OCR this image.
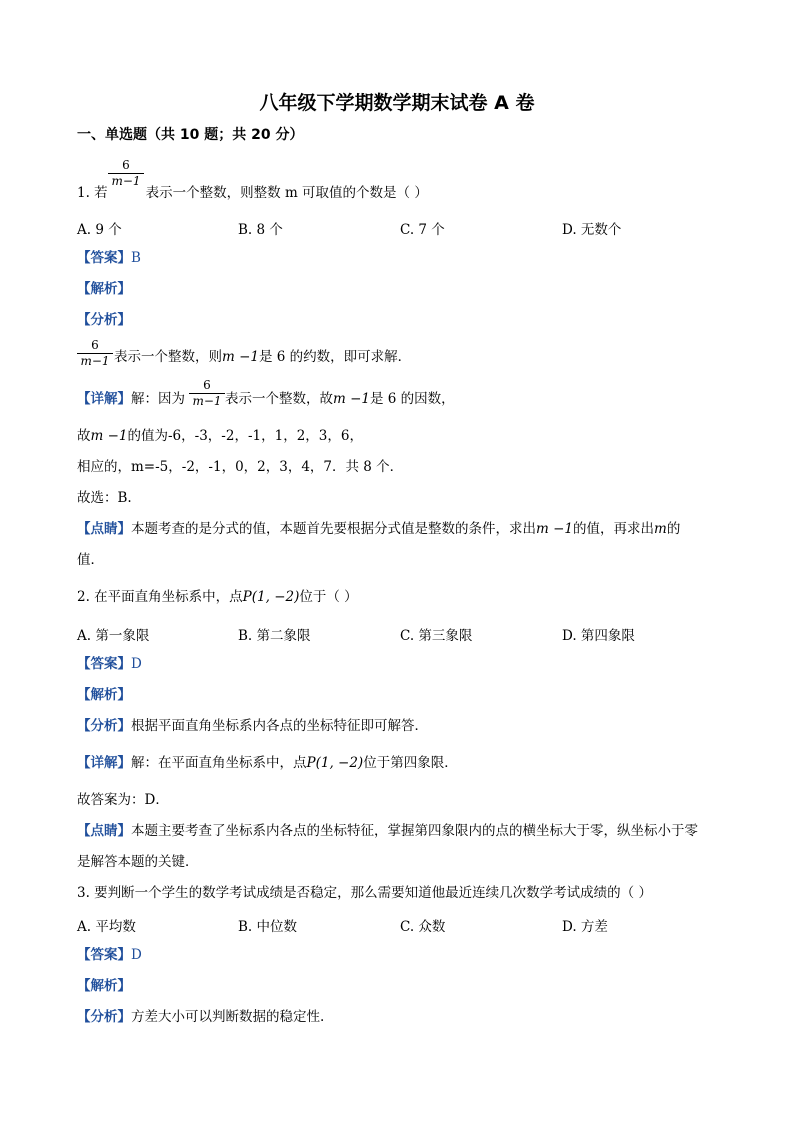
八年级下学期数学期末试卷 A 卷
一、单选题（共 10 题；共 20 分）
$\frac{6}{m-1}$
1. 若	表示一个整数，则整数 m 可取值的个数是（ ）
A. 9 个	B. 8 个	C. 7 个	D. 无数个
【答案】B
【解析】
【分析】
$\frac{6}{m-1}$ 表示一个整数，则m −1是 6 的约数，即可求解．
$\frac{6}{m-1}$
【详解】解：因为	表示一个整数，故m −1是 6 的因数，
故m −1的值为-6，-3，-2，-1，1，2，3，6，
相应的，m=-5，-2，-1，0，2，3，4，7．共 8 个．
故选：B.
【点睛】本题考查的是分式的值，本题首先要根据分式值是整数的条件，求出m −1的值，再求出m的
值．
2. 在平面直角坐标系中，点P(1, −2)位于（ ）
A. 第一象限	B. 第二象限	C. 第三象限	D. 第四象限
【答案】D
【解析】
【分析】根据平面直角坐标系内各点的坐标特征即可解答．
【详解】解：在平面直角坐标系中，点P(1, −2)位于第四象限．
故答案为：D．
【点睛】本题主要考查了坐标系内各点的坐标特征，掌握第四象限内的点的横坐标大于零，纵坐标小于零
是解答本题的关键．
3. 要判断一个学生的数学考试成绩是否稳定，那么需要知道他最近连续几次数学考试成绩的（ ）
A. 平均数	B. 中位数	C. 众数	D. 方差
【答案】D
【解析】
【分析】方差大小可以判断数据的稳定性.
